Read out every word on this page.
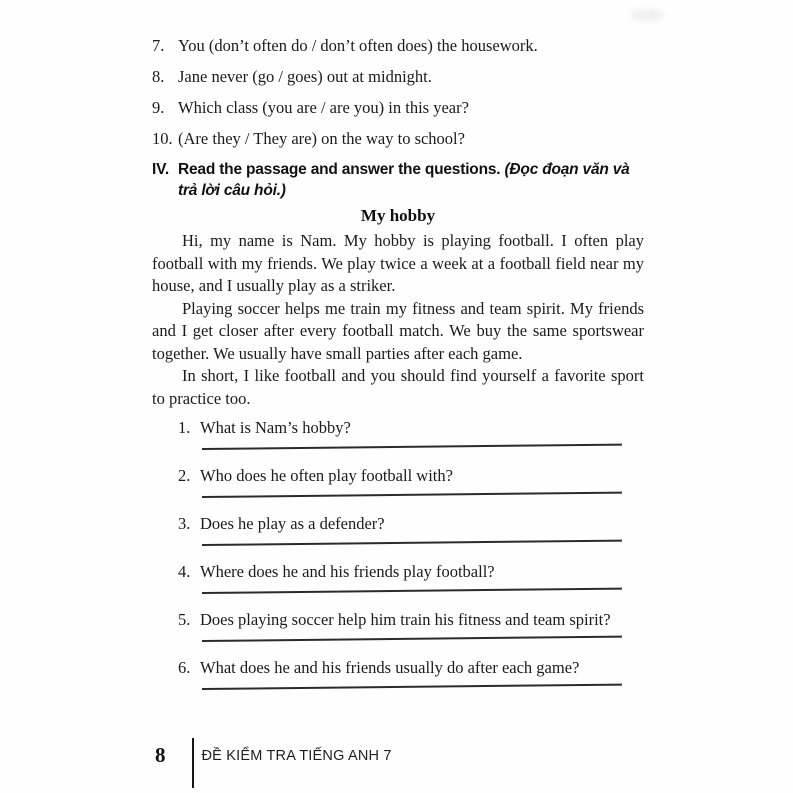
7. You (don’t often do / don’t often does) the housework.
8. Jane never (go / goes) out at midnight.
9. Which class (you are / are you) in this year?
10. (Are they / They are) on the way to school?
IV. Read the passage and answer the questions. (Đọc đoạn văn và trả lời câu hỏi.)
My hobby

Hi, my name is Nam. My hobby is playing football. I often play football with my friends. We play twice a week at a football field near my house, and I usually play as a striker.

Playing soccer helps me train my fitness and team spirit. My friends and I get closer after every football match. We buy the same sportswear together. We usually have small parties after each game.

In short, I like football and you should find yourself a favorite sport to practice too.

1. What is Nam’s hobby?
2. Who does he often play football with?
3. Does he play as a defender?
4. Where does he and his friends play football?
5. Does playing soccer help him train his fitness and team spirit?
6. What does he and his friends usually do after each game?
8 ĐỀ KIỂM TRA TIẾNG ANH 7
